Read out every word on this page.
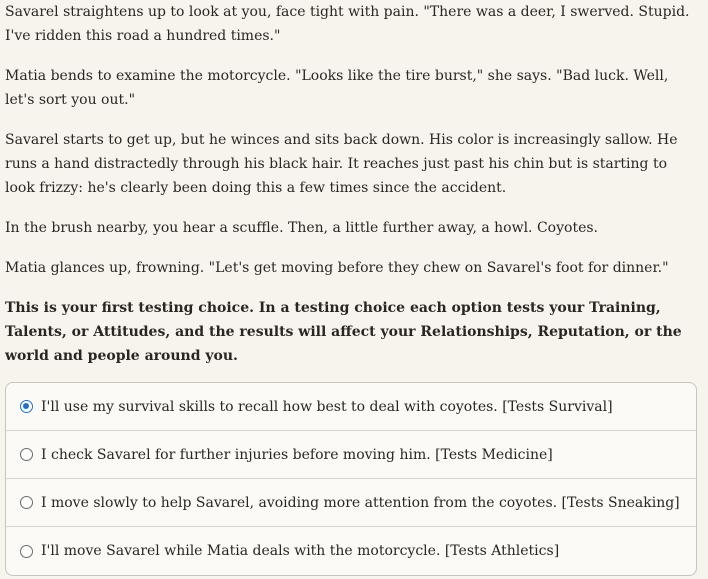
Savarel straightens up to look at you, face tight with pain. "There was a deer, I swerved. Stupid. I've ridden this road a hundred times."

Matia bends to examine the motorcycle. "Looks like the tire burst," she says. "Bad luck. Well, let's sort you out."

Savarel starts to get up, but he winces and sits back down. His color is increasingly sallow. He runs a hand distractedly through his black hair. It reaches just past his chin but is starting to look frizzy: he's clearly been doing this a few times since the accident.

In the brush nearby, you hear a scuffle. Then, a little further away, a howl. Coyotes.

Matia glances up, frowning. "Let's get moving before they chew on Savarel's foot for dinner."

This is your first testing choice. In a testing choice each option tests your Training, Talents, or Attitudes, and the results will affect your Relationships, Reputation, or the world and people around you.

I'll use my survival skills to recall how best to deal with coyotes. [Tests Survival]
I check Savarel for further injuries before moving him. [Tests Medicine]
I move slowly to help Savarel, avoiding more attention from the coyotes. [Tests Sneaking]
I'll move Savarel while Matia deals with the motorcycle. [Tests Athletics]
